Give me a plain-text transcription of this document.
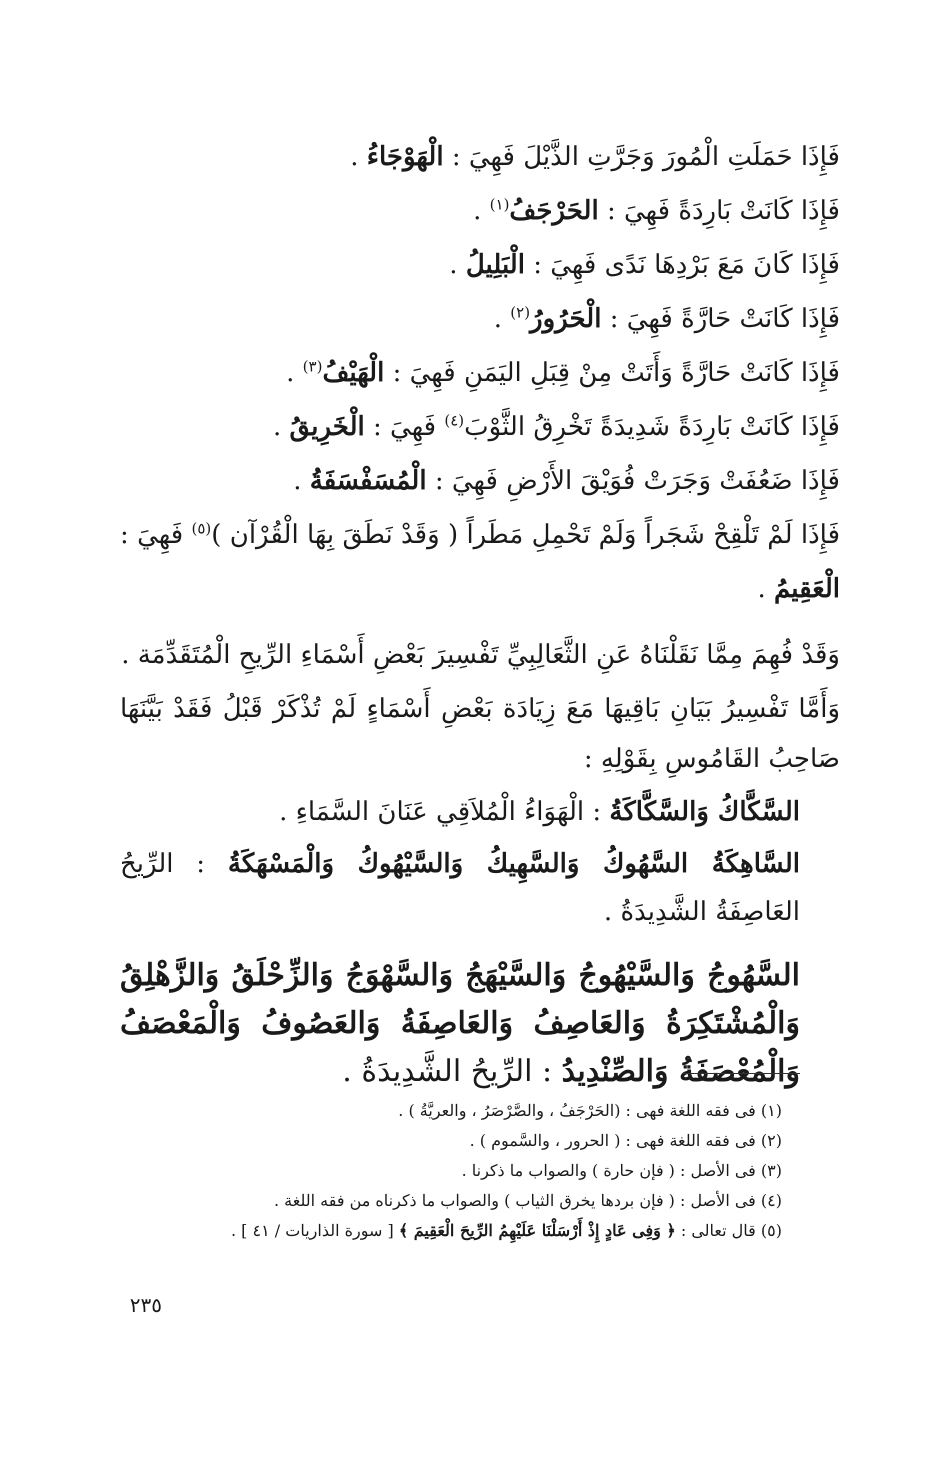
فَإِذَا حَمَلَتِ الْمُورَ وَجَرَّتِ الذَّيْلَ فَهِيَ : الْهَوْجَاءُ .
فَإِذَا كَانَتْ بَارِدَةً فَهِيَ : الحَرْجَفُ$^{(١)}$ .
فَإِذَا كَانَ مَعَ بَرْدِهَا نَدًى فَهِيَ : الْبَلِيلُ .
فَإِذَا كَانَتْ حَارَّةً فَهِيَ : الْحَرُورُ$^{(٢)}$ .
فَإِذَا كَانَتْ حَارَّةً وَأَتَتْ مِنْ قِبَلِ اليَمَنِ فَهِيَ : الْهَيْفُ$^{(٣)}$ .
فَإِذَا كَانَتْ بَارِدَةً شَدِيدَةً تَخْرِقُ الثَّوْبَ$^{(٤)}$ فَهِيَ : الْخَرِيقُ .
فَإِذَا ضَعُفَتْ وَجَرَتْ فُوَيْقَ الأَرْضِ فَهِيَ : الْمُسَفْسَفَةُ .
فَإِذَا لَمْ تَلْقِحْ شَجَراً وَلَمْ تَحْمِلِ مَطَراً ( وَقَدْ نَطَقَ بِهَا الْقُرْآن )$^{(٥)}$ فَهِيَ : الْعَقِيمُ .
وَقَدْ فُهِمَ مِمَّا نَقَلْنَاهُ عَنِ الثَّعَالِبِيِّ تَفْسِيرَ بَعْضِ أَسْمَاءِ الرِّيحِ الْمُتَقَدِّمَة .
وَأَمَّا تَفْسِيرُ بَيَانِ بَاقِيهَا مَعَ زِيَادَة بَعْضِ أَسْمَاءٍ لَمْ تُذْكَرْ قَبْلُ فَقَدْ بَيَّنَهَا صَاحِبُ القَامُوسِ بِقَوْلِهِ :
السَّكَّاكُ وَالسَّكَّاكَةُ : الْهَوَاءُ الْمُلاَقِي عَنَانَ السَّمَاءِ .
السَّاهِكَةُ السَّهُوكُ وَالسَّهِيكُ وَالسَّيْهُوكُ وَالْمَسْهَكَةُ : الرِّيحُ العَاصِفَةُ الشَّدِيدَةُ .
السَّهُوجُ وَالسَّيْهُوجُ وَالسَّيْهَجُ وَالسَّهْوَجُ وَالزِّحْلَقُ وَالزَّهْلِقُ وَالْمُشْتَكِرَةُ وَالعَاصِفُ وَالعَاصِفَةُ وَالعَصُوفُ وَالْمَعْصَفُ وَالْمُعْصَفَةُ وَالصِّنْدِيدُ : الرِّيحُ الشَّدِيدَةُ .
(١) فى فقه اللغة فهى : (الحَرْجَفُ ، والصَّرْصَرُ ، والعريَّةُ ) .
(٢) فى فقه اللغة فهى : ( الحرور ، والسَّموم ) .
(٣) فى الأصل : ( فإن حارة ) والصواب ما ذكرنا .
(٤) فى الأصل : ( فإن بردها يخرق الثياب ) والصواب ما ذكرناه من فقه اللغة .
(٥) قال تعالى : ﴿ وَفِى عَادٍ إِذْ أَرْسَلْنَا عَلَيْهِمُ الرِّيحَ الْعَقِيمَ ﴾ [ سورة الذاريات / ٤١ ] .
٢٣٥
